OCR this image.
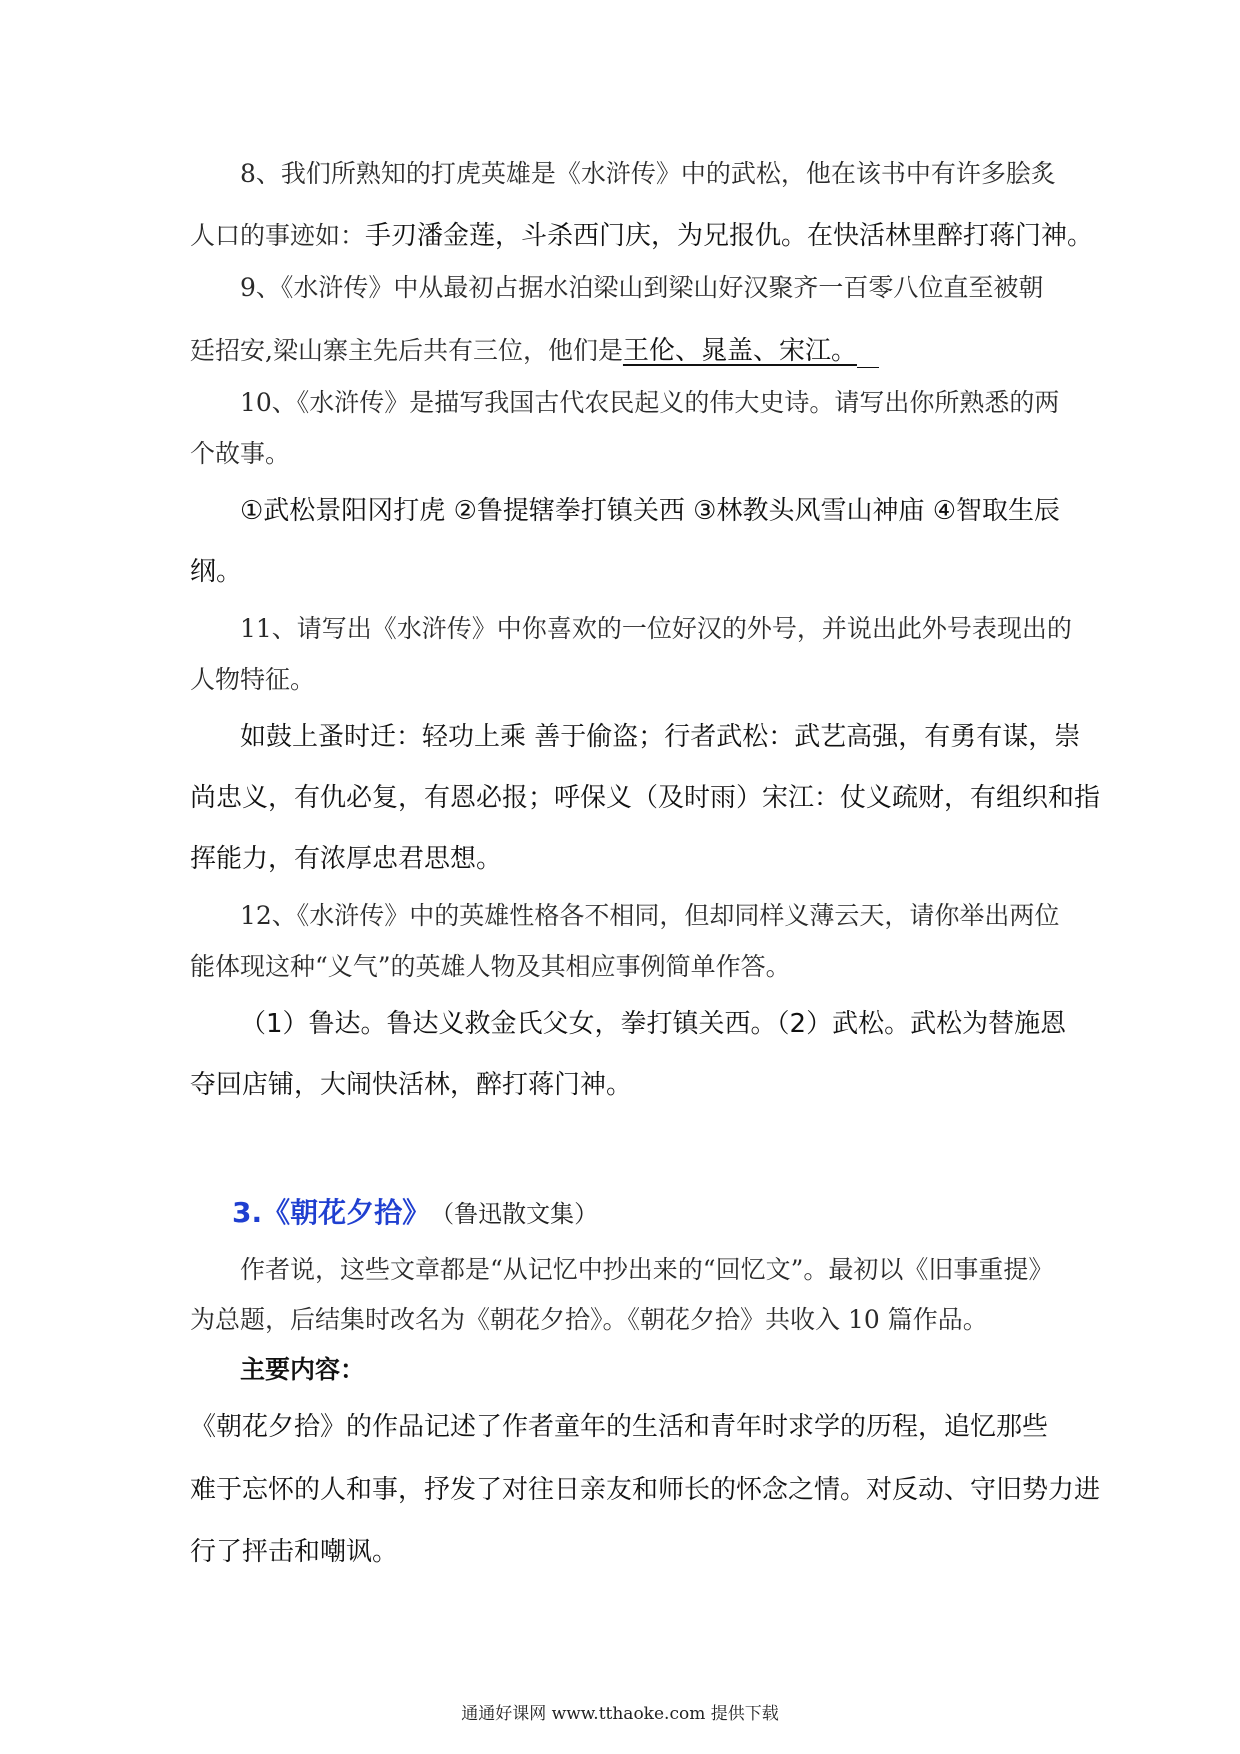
8、我们所熟知的打虎英雄是《水浒传》中的武松，他在该书中有许多脍炙
人口的事迹如：手刃潘金莲，斗杀西门庆，为兄报仇。在快活林里醉打蒋门神。
9、《水浒传》中从最初占据水泊梁山到梁山好汉聚齐一百零八位直至被朝
廷招安,梁山寨主先后共有三位，他们是王伦、晁盖、宋江。
10、《水浒传》是描写我国古代农民起义的伟大史诗。请写出你所熟悉的两
个故事。
①武松景阳冈打虎 ②鲁提辖拳打镇关西 ③林教头风雪山神庙 ④智取生辰
纲。
11、请写出《水浒传》中你喜欢的一位好汉的外号，并说出此外号表现出的
人物特征。
如鼓上蚤时迁：轻功上乘 善于偷盗；行者武松：武艺高强，有勇有谋，崇
尚忠义，有仇必复，有恩必报；呼保义（及时雨）宋江：仗义疏财，有组织和指
挥能力，有浓厚忠君思想。
12、《水浒传》中的英雄性格各不相同，但却同样义薄云天，请你举出两位
能体现这种“义气”的英雄人物及其相应事例简单作答。
（1）鲁达。鲁达义救金氏父女，拳打镇关西。（2）武松。武松为替施恩
夺回店铺，大闹快活林，醉打蒋门神。
3.《朝花夕拾》 （鲁迅散文集）
作者说，这些文章都是“从记忆中抄出来的“回忆文”。最初以《旧事重提》
为总题，后结集时改名为《朝花夕拾》。《朝花夕拾》共收入 10 篇作品。
主要内容：
《朝花夕拾》的作品记述了作者童年的生活和青年时求学的历程，追忆那些
难于忘怀的人和事，抒发了对往日亲友和师长的怀念之情。对反动、守旧势力进
行了抨击和嘲讽。
通通好课网 www.tthaoke.com 提供下载
